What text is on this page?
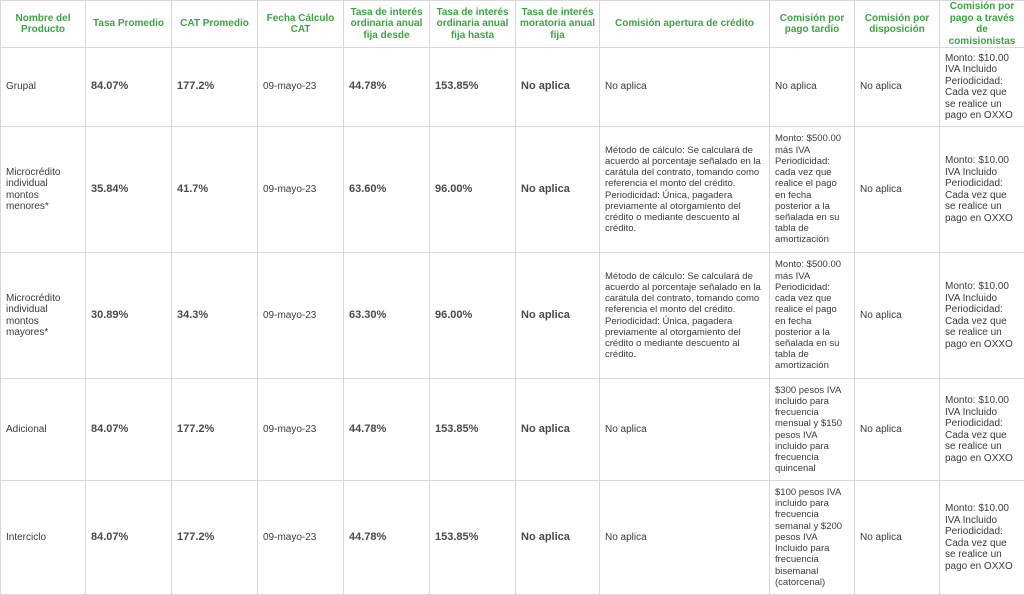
Nombre del Producto	Tasa Promedio	CAT Promedio	Fecha Cálculo CAT	Tasa de interés ordinaria anual fija desde	Tasa de interés ordinaria anual fija hasta	Tasa de interés moratoria anual fija	Comisión apertura de crédito	Comisión por pago tardío	Comisión por disposición	Comisión por pago a través de comisionistas
Grupal	84.07%	177.2%	09-mayo-23	44.78%	153.85%	No aplica	No aplica	No aplica	No aplica	Monto: $10.00 IVA Incluido Periodicidad: Cada vez que se realice un pago en OXXO
Microcrédito individual montos menores*	35.84%	41.7%	09-mayo-23	63.60%	96.00%	No aplica	Método de cálculo: Se calculará de acuerdo al porcentaje señalado en la carátula del contrato, tomando como referencia el monto del crédito. Periodicidad: Única, pagadera previamente al otorgamiento del crédito o mediante descuento al crédito.	Monto: $500.00 más IVA Periodicidad: cada vez que realice el pago en fecha posterior a la señalada en su tabla de amortización	No aplica	Monto: $10.00 IVA Incluido Periodicidad: Cada vez que se realice un pago en OXXO
Microcrédito individual montos mayores*	30.89%	34.3%	09-mayo-23	63.30%	96.00%	No aplica	Método de cálculo: Se calculará de acuerdo al porcentaje señalado en la carátula del contrato, tomando como referencia el monto del crédito. Periodicidad: Única, pagadera previamente al otorgamiento del crédito o mediante descuento al crédito.	Monto: $500.00 más IVA Periodicidad: cada vez que realice el pago en fecha posterior a la señalada en su tabla de amortización	No aplica	Monto: $10.00 IVA Incluido Periodicidad: Cada vez que se realice un pago en OXXO
Adicional	84.07%	177.2%	09-mayo-23	44.78%	153.85%	No aplica	No aplica	$300 pesos IVA incluido para frecuencia mensual y $150 pesos IVA incluido para frecuencia quincenal	No aplica	Monto: $10.00 IVA Incluido Periodicidad: Cada vez que se realice un pago en OXXO
Interciclo	84.07%	177.2%	09-mayo-23	44.78%	153.85%	No aplica	No aplica	$100 pesos IVA incluido para frecuencia semanal y $200 pesos IVA Incluido para frecuencia bisemanal (catorcenal)	No aplica	Monto: $10.00 IVA Incluido Periodicidad: Cada vez que se realice un pago en OXXO
